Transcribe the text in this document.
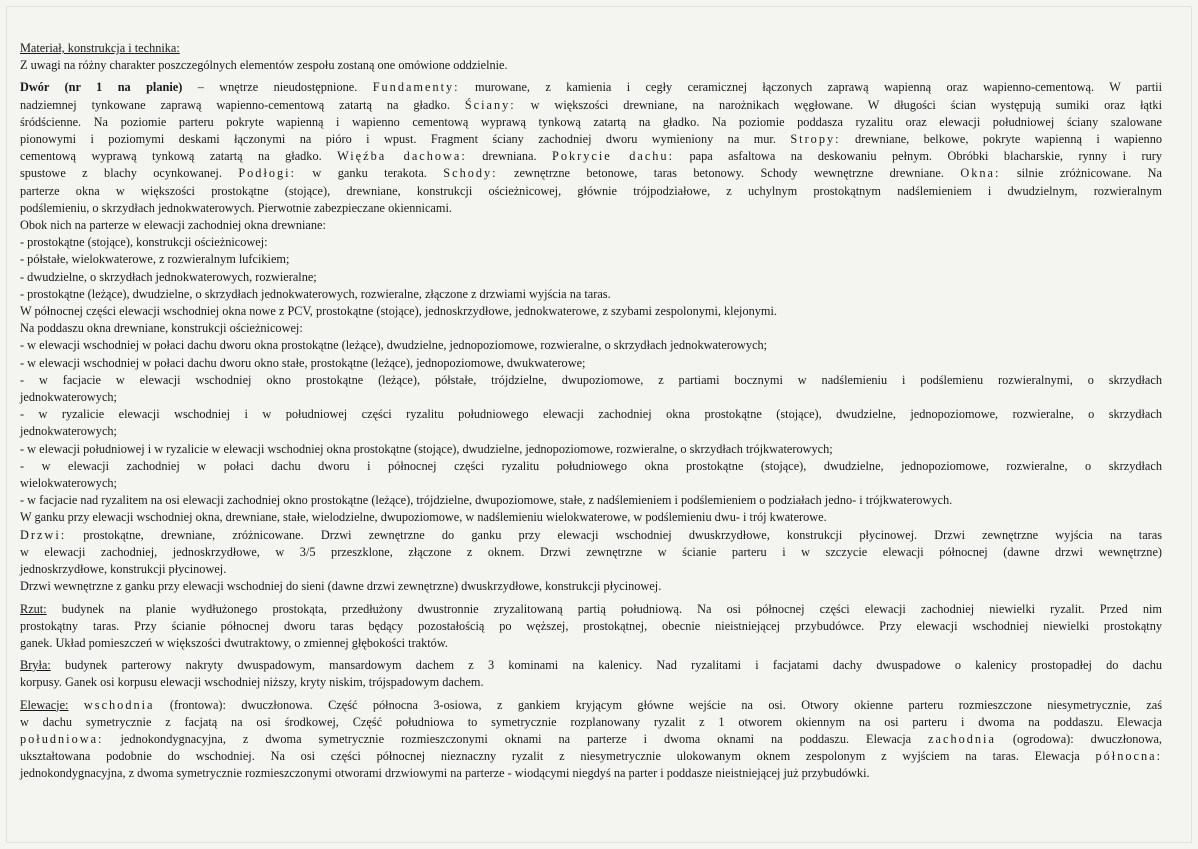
Materiał, konstrukcja i technika:
Z uwagi na różny charakter poszczególnych elementów zespołu zostaną one omówione oddzielnie.
Dwór (nr 1 na planie) – wnętrze nieudostępnione. Fundamenty: murowane, z kamienia i cegły ceramicznej łączonych zaprawą wapienną oraz wapienno-cementową. W partii
nadziemnej tynkowane zaprawą wapienno-cementową zatartą na gładko. Ściany: w większości drewniane, na narożnikach węgłowane. W długości ścian występują sumiki oraz łątki
śródścienne. Na poziomie parteru pokryte wapienną i wapienno cementową wyprawą tynkową zatartą na gładko. Na poziomie poddasza ryzalitu oraz elewacji południowej ściany szalowane
pionowymi i poziomymi deskami łączonymi na pióro i wpust. Fragment ściany zachodniej dworu wymieniony na mur. Stropy: drewniane, belkowe, pokryte wapienną i wapienno
cementową wyprawą tynkową zatartą na gładko. Więźba dachowa: drewniana. Pokrycie dachu: papa asfaltowa na deskowaniu pełnym. Obróbki blacharskie, rynny i rury
spustowe z blachy ocynkowanej. Podłogi: w ganku terakota. Schody: zewnętrzne betonowe, taras betonowy. Schody wewnętrzne drewniane. Okna: silnie zróżnicowane. Na
parterze okna w większości prostokątne (stojące), drewniane, konstrukcji ościeżnicowej, głównie trójpodziałowe, z uchylnym prostokątnym nadślemieniem i dwudzielnym, rozwieralnym
podślemieniu, o skrzydłach jednokwaterowych. Pierwotnie zabezpieczane okiennicami.
Obok nich na parterze w elewacji zachodniej okna drewniane:
- prostokątne (stojące), konstrukcji ościeżnicowej:
- półstałe, wielokwaterowe, z rozwieralnym lufcikiem;
- dwudzielne, o skrzydłach jednokwaterowych, rozwieralne;
- prostokątne (leżące), dwudzielne, o skrzydłach jednokwaterowych, rozwieralne, złączone z drzwiami wyjścia na taras.
W północnej części elewacji wschodniej okna nowe z PCV, prostokątne (stojące), jednoskrzydłowe, jednokwaterowe, z szybami zespolonymi, klejonymi.
Na poddaszu okna drewniane, konstrukcji ościeżnicowej:
- w elewacji wschodniej w połaci dachu dworu okna prostokątne (leżące), dwudzielne, jednopoziomowe, rozwieralne, o skrzydłach jednokwaterowych;
- w elewacji wschodniej w połaci dachu dworu okno stałe, prostokątne (leżące), jednopoziomowe, dwukwaterowe;
- w facjacie w elewacji wschodniej okno prostokątne (leżące), półstałe, trójdzielne, dwupoziomowe, z partiami bocznymi w nadślemieniu i podślemienu rozwieralnymi, o skrzydłach
jednokwaterowych;
- w ryzalicie elewacji wschodniej i w południowej części ryzalitu południowego elewacji zachodniej okna prostokątne (stojące), dwudzielne, jednopoziomowe, rozwieralne, o skrzydłach
jednokwaterowych;
- w elewacji południowej i w ryzalicie w elewacji wschodniej okna prostokątne (stojące), dwudzielne, jednopoziomowe, rozwieralne, o skrzydłach trójkwaterowych;
- w elewacji zachodniej w połaci dachu dworu i północnej części ryzalitu południowego okna prostokątne (stojące), dwudzielne, jednopoziomowe, rozwieralne, o skrzydłach
wielokwaterowych;
- w facjacie nad ryzalitem na osi elewacji zachodniej okno prostokątne (leżące), trójdzielne, dwupoziomowe, stałe, z nadślemieniem i podślemieniem o podziałach jedno- i trójkwaterowych.
W ganku przy elewacji wschodniej okna, drewniane, stałe, wielodzielne, dwupoziomowe, w nadślemieniu wielokwaterowe, w podślemieniu dwu- i trój kwaterowe.
Drzwi: prostokątne, drewniane, zróżnicowane. Drzwi zewnętrzne do ganku przy elewacji wschodniej dwuskrzydłowe, konstrukcji płycinowej. Drzwi zewnętrzne wyjścia na taras
w elewacji zachodniej, jednoskrzydłowe, w 3/5 przeszklone, złączone z oknem. Drzwi zewnętrzne w ścianie parteru i w szczycie elewacji północnej (dawne drzwi wewnętrzne)
jednoskrzydłowe, konstrukcji płycinowej.
Drzwi wewnętrzne z ganku przy elewacji wschodniej do sieni (dawne drzwi zewnętrzne) dwuskrzydłowe, konstrukcji płycinowej.
Rzut: budynek na planie wydłużonego prostokąta, przedłużony dwustronnie zryzalitowaną partią południową. Na osi północnej części elewacji zachodniej niewielki ryzalit. Przed nim
prostokątny taras. Przy ścianie północnej dworu taras będący pozostałością po węższej, prostokątnej, obecnie nieistniejącej przybudówce. Przy elewacji wschodniej niewielki prostokątny
ganek. Układ pomieszczeń w większości dwutraktowy, o zmiennej głębokości traktów.
Bryła: budynek parterowy nakryty dwuspadowym, mansardowym dachem z 3 kominami na kalenicy. Nad ryzalitami i facjatami dachy dwuspadowe o kalenicy prostopadłej do dachu
korpusy. Ganek osi korpusu elewacji wschodniej niższy, kryty niskim, trójspadowym dachem.
Elewacje: wschodnia (frontowa): dwuczłonowa. Część północna 3-osiowa, z gankiem kryjącym główne wejście na osi. Otwory okienne parteru rozmieszczone niesymetrycznie, zaś
w dachu symetrycznie z facjatą na osi środkowej, Część południowa to symetrycznie rozplanowany ryzalit z 1 otworem okiennym na osi parteru i dwoma na poddaszu. Elewacja
południowa: jednokondygnacyjna, z dwoma symetrycznie rozmieszczonymi oknami na parterze i dwoma oknami na poddaszu. Elewacja zachodnia (ogrodowa): dwuczłonowa,
ukształtowana podobnie do wschodniej. Na osi części północnej nieznaczny ryzalit z niesymetrycznie ulokowanym oknem zespolonym z wyjściem na taras. Elewacja północna:
jednokondygnacyjna, z dwoma symetrycznie rozmieszczonymi otworami drzwiowymi na parterze - wiodącymi niegdyś na parter i poddasze nieistniejącej już przybudówki.
